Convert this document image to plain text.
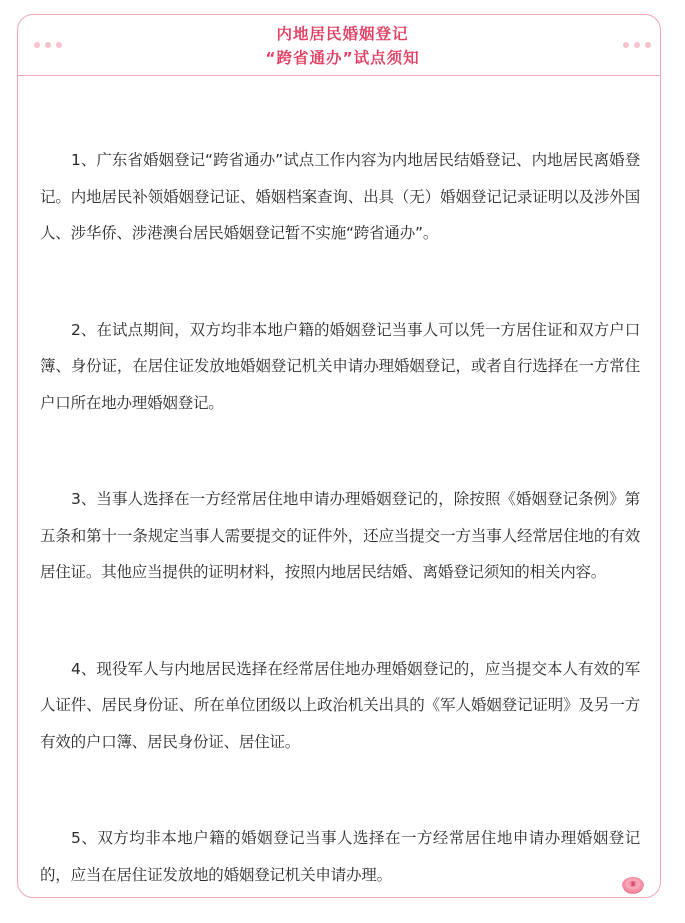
内地居民婚姻登记
“跨省通办”试点须知

1、广东省婚姻登记“跨省通办”试点工作内容为内地居民结婚登记、内地居民离婚登记。内地居民补领婚姻登记证、婚姻档案查询、出具（无）婚姻登记记录证明以及涉外国人、涉华侨、涉港澳台居民婚姻登记暂不实施“跨省通办”。

2、在试点期间，双方均非本地户籍的婚姻登记当事人可以凭一方居住证和双方户口簿、身份证，在居住证发放地婚姻登记机关申请办理婚姻登记，或者自行选择在一方常住户口所在地办理婚姻登记。

3、当事人选择在一方经常居住地申请办理婚姻登记的，除按照《婚姻登记条例》第五条和第十一条规定当事人需要提交的证件外，还应当提交一方当事人经常居住地的有效居住证。其他应当提供的证明材料，按照内地居民结婚、离婚登记须知的相关内容。

4、现役军人与内地居民选择在经常居住地办理婚姻登记的，应当提交本人有效的军人证件、居民身份证、所在单位团级以上政治机关出具的《军人婚姻登记证明》及另一方有效的户口簿、居民身份证、居住证。

5、双方均非本地户籍的婚姻登记当事人选择在一方经常居住地申请办理婚姻登记的，应当在居住证发放地的婚姻登记机关申请办理。
